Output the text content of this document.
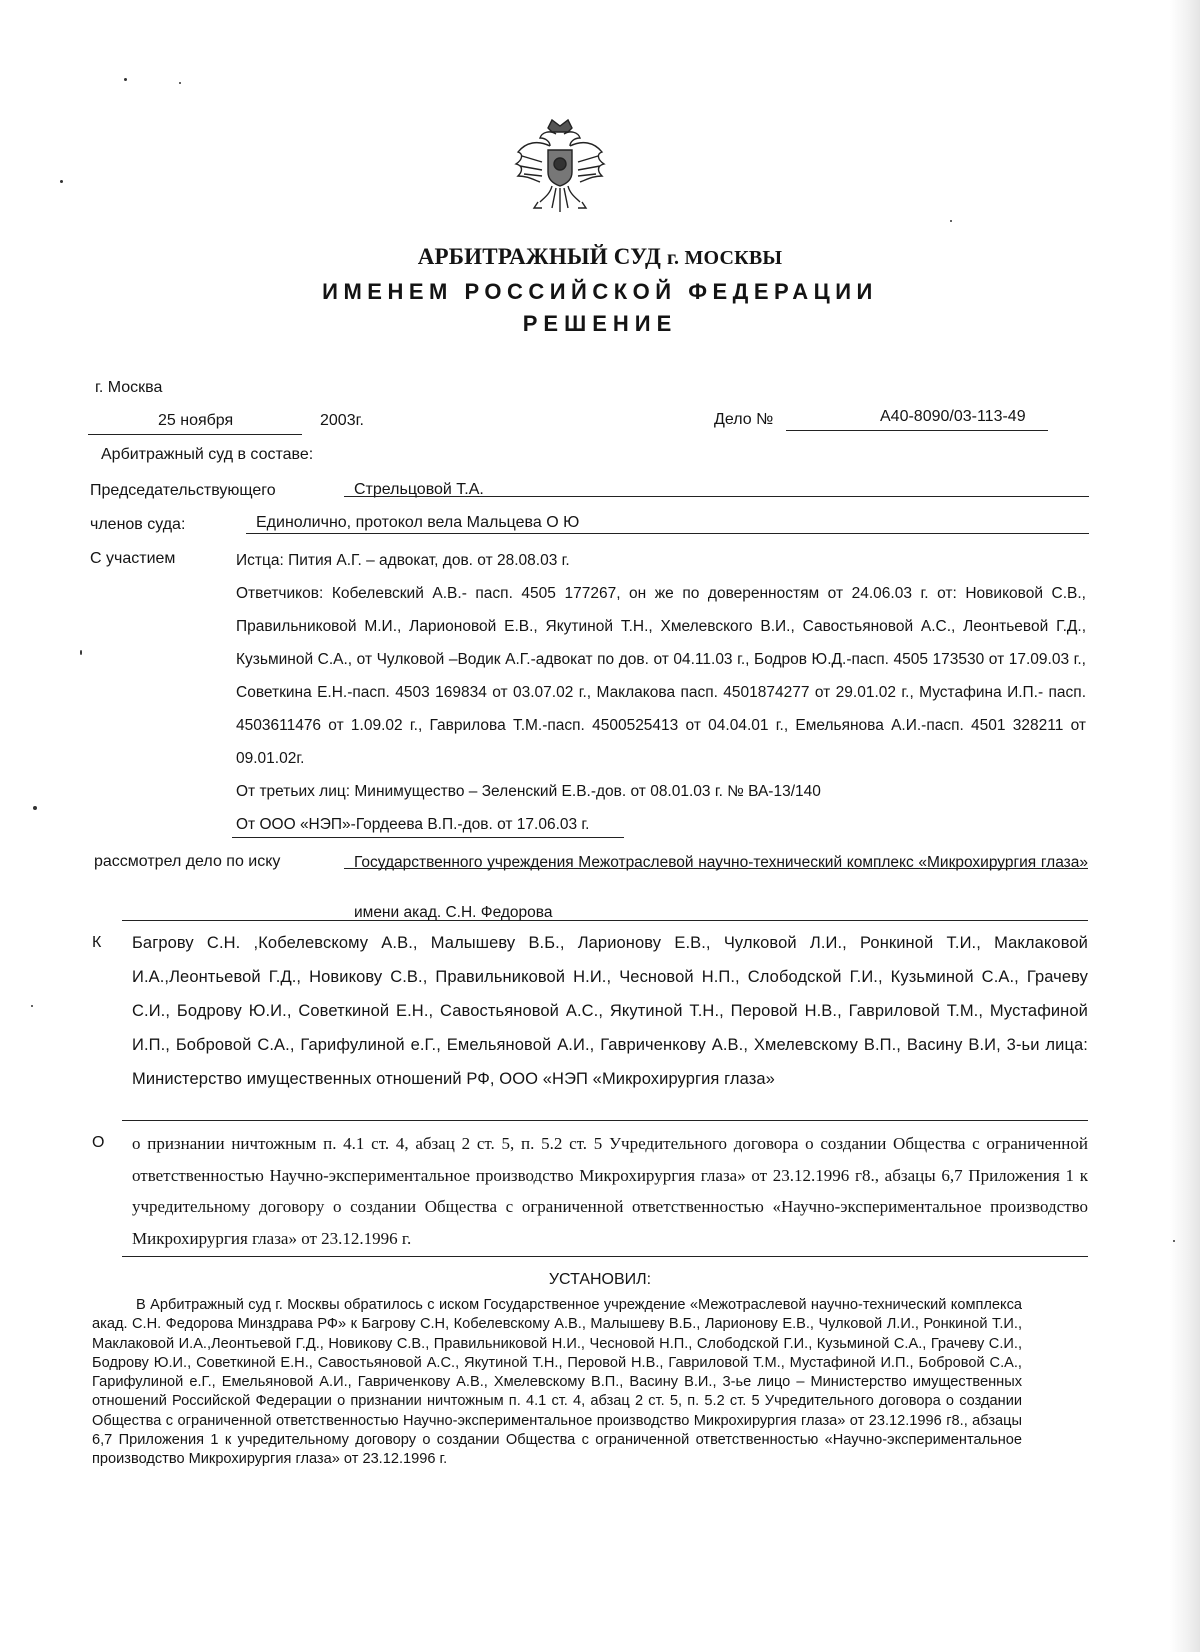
АРБИТРАЖНЫЙ СУД г. МОСКВЫ
ИМЕНЕМ РОССИЙСКОЙ ФЕДЕРАЦИИ
РЕШЕНИЕ
г. Москва
25 ноября	2003г.	Дело №	А40-8090/03-113-49
Арбитражный суд в составе:
Председательствующего	Стрельцовой Т.А.
членов суда:	Единолично, протокол вела Мальцева О Ю
С участием	Истца: Пития А.Г. – адвокат, дов. от 28.08.03 г.
Ответчиков: Кобелевский А.В.- пасп. 4505 177267, он же по доверенностям от 24.06.03 г. от: Новиковой С.В., Правильниковой М.И., Ларионовой Е.В., Якутиной Т.Н., Хмелевского В.И., Савостьяновой А.С., Леонтьевой Г.Д., Кузьминой С.А., от Чулковой –Водик А.Г.-адвокат по дов. от 04.11.03 г., Бодров Ю.Д.-пасп. 4505 173530 от 17.09.03 г., Советкина Е.Н.-пасп. 4503 169834 от 03.07.02 г., Маклакова пасп. 4501874277 от 29.01.02 г., Мустафина И.П.- пасп. 4503611476 от 1.09.02 г., Гаврилова Т.М.-пасп. 4500525413 от 04.04.01 г., Емельянова А.И.-пасп. 4501 328211 от 09.01.02г.
От третьих лиц: Минимущество – Зеленский Е.В.-дов. от 08.01.03 г. № ВА-13/140
От ООО «НЭП»-Гордеева В.П.-дов. от 17.06.03 г.
рассмотрел дело по иску	Государственного учреждения Межотраслевой научно-технический комплекс «Микрохирургия глаза» имени акад. С.Н. Федорова
К Багрову С.Н. ,Кобелевскому А.В., Малышеву В.Б., Ларионову Е.В., Чулковой Л.И., Ронкиной Т.И., Маклаковой И.А.,Леонтьевой Г.Д., Новикову С.В., Правильниковой Н.И., Чесновой Н.П., Слободской Г.И., Кузьминой С.А., Грачеву С.И., Бодрову Ю.И., Советкиной Е.Н., Савостьяновой А.С., Якутиной Т.Н., Перовой Н.В., Гавриловой Т.М., Мустафиной И.П., Бобровой С.А., Гарифулиной е.Г., Емельяновой А.И., Гавриченкову А.В., Хмелевскому В.П., Васину В.И, 3-ьи лица: Министерство имущественных отношений РФ, ООО «НЭП «Микрохирургия глаза»
О о признании ничтожным п. 4.1 ст. 4, абзац 2 ст. 5, п. 5.2 ст. 5 Учредительного договора о создании Общества с ограниченной ответственностью Научно-экспериментальное производство Микрохирургия глаза» от 23.12.1996 г8., абзацы 6,7 Приложения 1 к учредительному договору о создании Общества с ограниченной ответственностью «Научно-экспериментальное производство Микрохирургия глаза» от 23.12.1996 г.
УСТАНОВИЛ:
В Арбитражный суд г. Москвы обратилось с иском Государственное учреждение «Межотраслевой научно-технический комплекса акад. С.Н. Федорова Минздрава РФ» к Багрову С.Н, Кобелевскому А.В., Малышеву В.Б., Ларионову Е.В., Чулковой Л.И., Ронкиной Т.И., Маклаковой И.А.,Леонтьевой Г.Д., Новикову С.В., Правильниковой Н.И., Чесновой Н.П., Слободской Г.И., Кузьминой С.А., Грачеву С.И., Бодрову Ю.И., Советкиной Е.Н., Савостьяновой А.С., Якутиной Т.Н., Перовой Н.В., Гавриловой Т.М., Мустафиной И.П., Бобровой С.А., Гарифулиной е.Г., Емельяновой А.И., Гавриченкову А.В., Хмелевскому В.П., Васину В.И., 3-ье лицо – Министерство имущественных отношений Российской Федерации о признании ничтожным п. 4.1 ст. 4, абзац 2 ст. 5, п. 5.2 ст. 5 Учредительного договора о создании Общества с ограниченной ответственностью Научно-экспериментальное производство Микрохирургия глаза» от 23.12.1996 г8., абзацы 6,7 Приложения 1 к учредительному договору о создании Общества с ограниченной ответственностью «Научно-экспериментальное производство Микрохирургия глаза» от 23.12.1996 г.
